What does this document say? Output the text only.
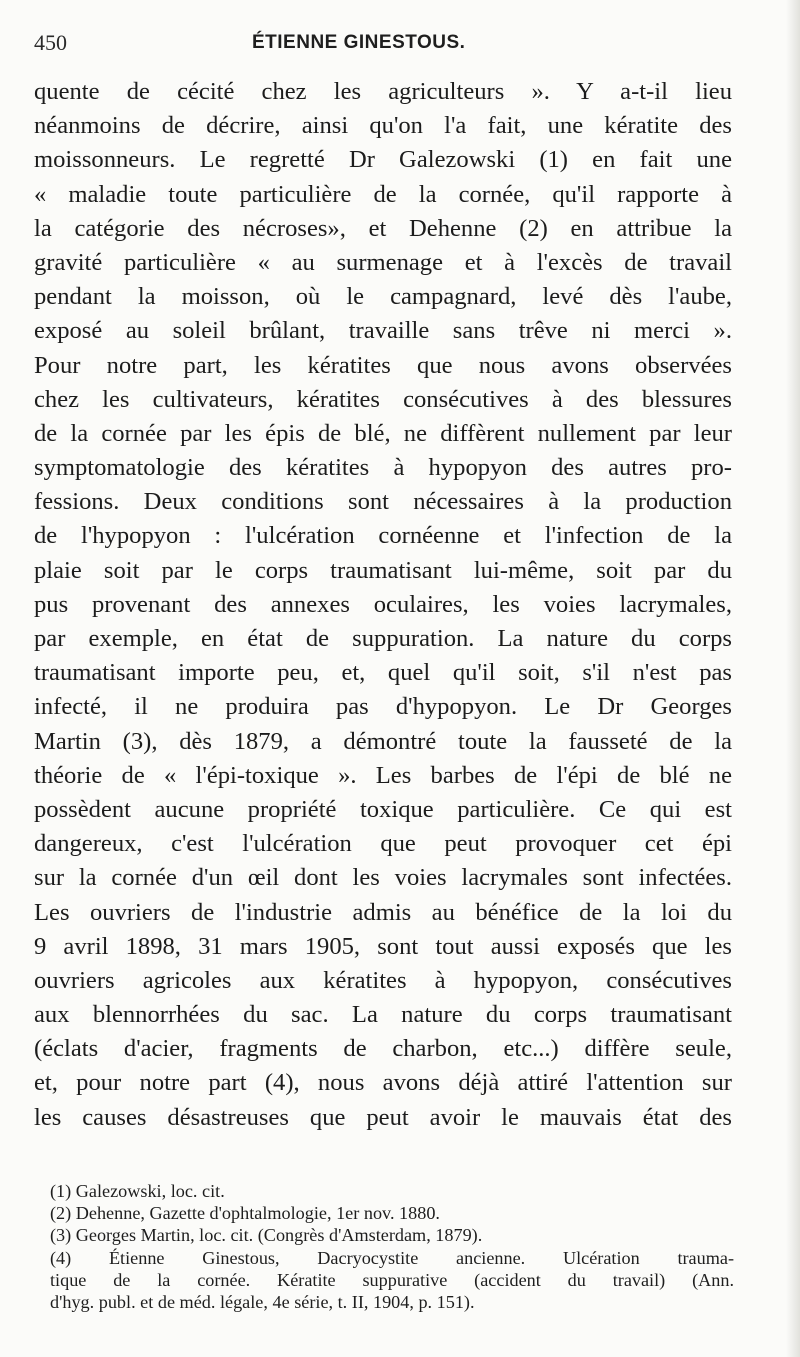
450	ÉTIENNE GINESTOUS.
quente de cécité chez les agriculteurs ». Y a-t-il lieu
néanmoins de décrire, ainsi qu'on l'a fait, une kératite des
moissonneurs. Le regretté Dr Galezowski (1) en fait une
« maladie toute particulière de la cornée, qu'il rapporte à
la catégorie des nécroses», et Dehenne (2) en attribue la
gravité particulière « au surmenage et à l'excès de travail
pendant la moisson, où le campagnard, levé dès l'aube,
exposé au soleil brûlant, travaille sans trêve ni merci ».
Pour notre part, les kératites que nous avons observées
chez les cultivateurs, kératites consécutives à des blessures
de la cornée par les épis de blé, ne diffèrent nullement par leur
symptomatologie des kératites à hypopyon des autres pro-
fessions. Deux conditions sont nécessaires à la production
de l'hypopyon : l'ulcération cornéenne et l'infection de la
plaie soit par le corps traumatisant lui-même, soit par du
pus provenant des annexes oculaires, les voies lacrymales,
par exemple, en état de suppuration. La nature du corps
traumatisant importe peu, et, quel qu'il soit, s'il n'est pas
infecté, il ne produira pas d'hypopyon. Le Dr Georges
Martin (3), dès 1879, a démontré toute la fausseté de la
théorie de « l'épi-toxique ». Les barbes de l'épi de blé ne
possèdent aucune propriété toxique particulière. Ce qui est
dangereux, c'est l'ulcération que peut provoquer cet épi
sur la cornée d'un œil dont les voies lacrymales sont infectées.
Les ouvriers de l'industrie admis au bénéfice de la loi du
9 avril 1898, 31 mars 1905, sont tout aussi exposés que les
ouvriers agricoles aux kératites à hypopyon, consécutives
aux blennorrhées du sac. La nature du corps traumatisant
(éclats d'acier, fragments de charbon, etc...) diffère seule,
et, pour notre part (4), nous avons déjà attiré l'attention sur
les causes désastreuses que peut avoir le mauvais état des
(1) Galezowski, loc. cit.
(2) Dehenne, Gazette d'ophtalmologie, 1er nov. 1880.
(3) Georges Martin, loc. cit. (Congrès d'Amsterdam, 1879).
(4) Étienne Ginestous, Dacryocystite ancienne. Ulcération trauma-
tique de la cornée. Kératite suppurative (accident du travail) (Ann.
d'hyg. publ. et de méd. légale, 4e série, t. II, 1904, p. 151).
